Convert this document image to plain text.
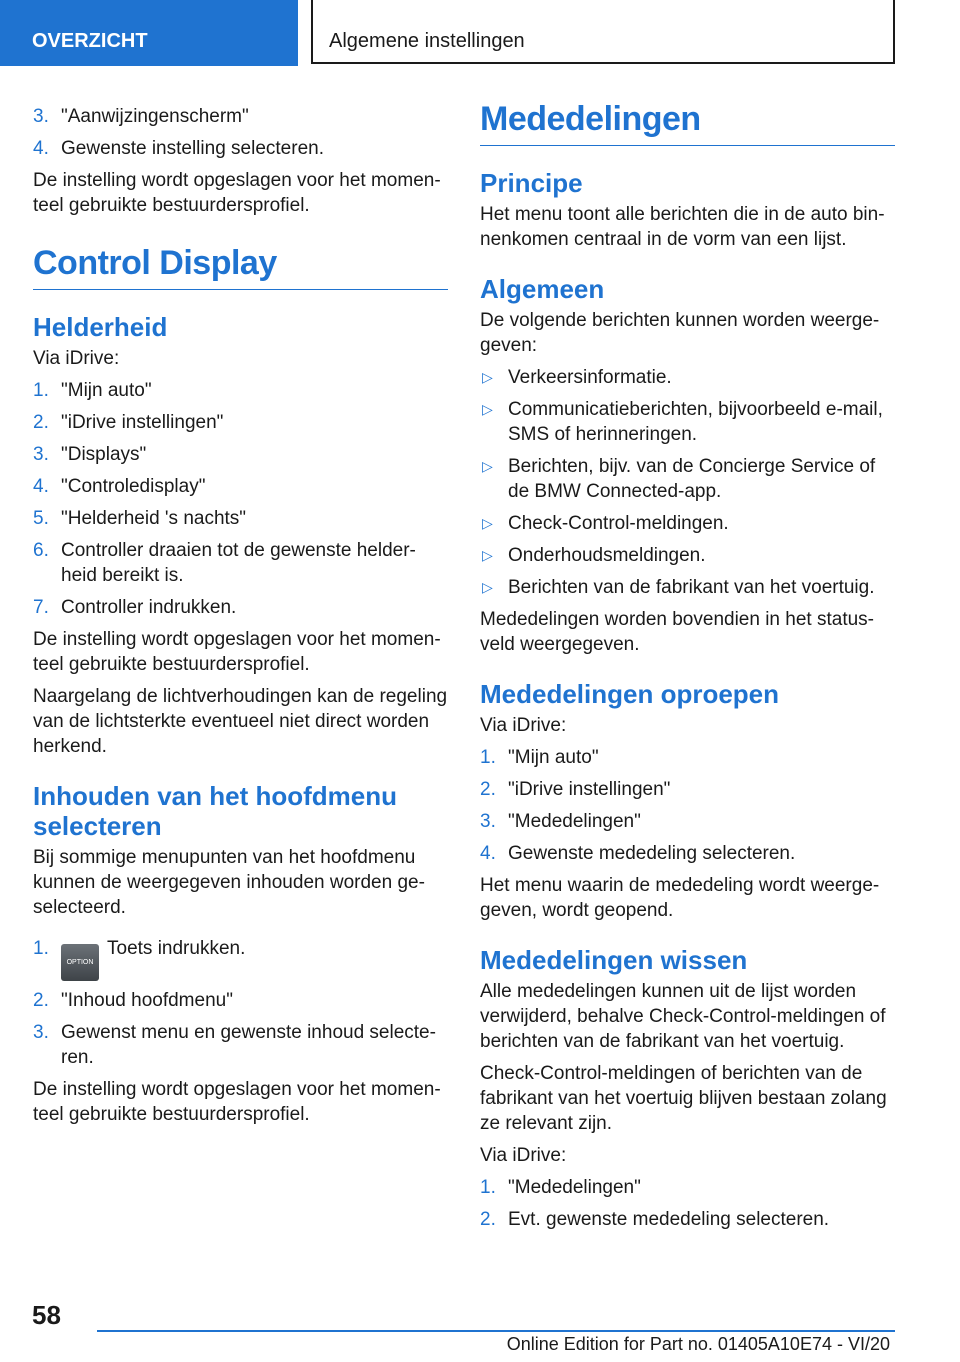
OVERZICHT	Algemene instellingen
3. "Aanwijzingenscherm"
4. Gewenste instelling selecteren.

De instelling wordt opgeslagen voor het momen-teel gebruikte bestuurdersprofiel.

Control Display
Helderheid

Via iDrive:

1. "Mijn auto"
2. "iDrive instellingen"
3. "Displays"
4. "Controledisplay"
5. "Helderheid 's nachts"
6. Controller draaien tot de gewenste helder-heid bereikt is.
7. Controller indrukken.

De instelling wordt opgeslagen voor het momen-teel gebruikte bestuurdersprofiel.

Naargelang de lichtverhoudingen kan de regeling van de lichtsterkte eventueel niet direct worden herkend.

Inhouden van het hoofdmenu selecteren

Bij sommige menupunten van het hoofdmenu kunnen de weergegeven inhouden worden ge-selecteerd.

1.
OPTIONToets indrukken.
2. "Inhoud hoofdmenu"
3. Gewenst menu en gewenste inhoud selecte-ren.

De instelling wordt opgeslagen voor het momen-teel gebruikte bestuurdersprofiel.

Mededelingen
Principe

Het menu toont alle berichten die in de auto bin-nenkomen centraal in de vorm van een lijst.

Algemeen

De volgende berichten kunnen worden weerge-geven:

▷ Verkeersinformatie.
▷ Communicatieberichten, bijvoorbeeld e-mail, SMS of herinneringen.
▷ Berichten, bijv. van de Concierge Service of de BMW Connected-app.
▷ Check-Control-meldingen.
▷ Onderhoudsmeldingen.
▷ Berichten van de fabrikant van het voertuig.

Mededelingen worden bovendien in het status-veld weergegeven.

Mededelingen oproepen

Via iDrive:

1. "Mijn auto"
2. "iDrive instellingen"
3. "Mededelingen"
4. Gewenste mededeling selecteren.

Het menu waarin de mededeling wordt weerge-geven, wordt geopend.

Mededelingen wissen

Alle mededelingen kunnen uit de lijst worden verwijderd, behalve Check-Control-meldingen of berichten van de fabrikant van het voertuig.

Check-Control-meldingen of berichten van de fabrikant van het voertuig blijven bestaan zolang ze relevant zijn.

Via iDrive:

1. "Mededelingen"
2. Evt. gewenste mededeling selecteren.
58
Online Edition for Part no. 01405A10E74 - VI/20
